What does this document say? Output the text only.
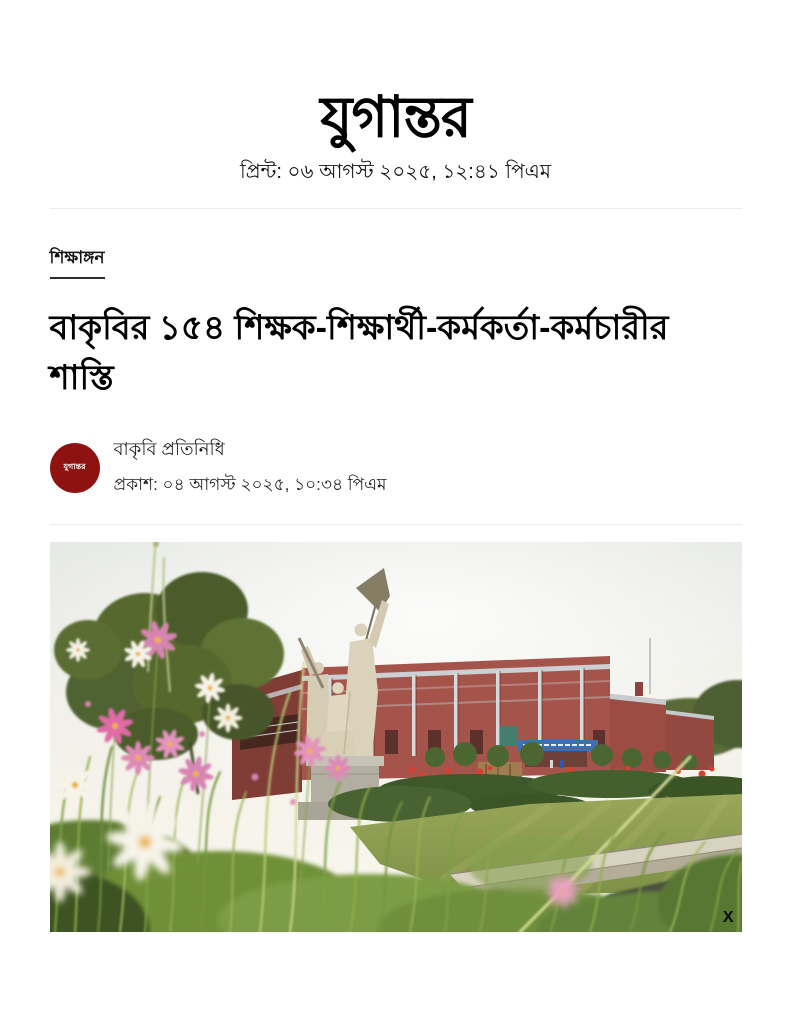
যুগান্তর
প্রিন্ট: ০৬ আগস্ট ২০২৫, ১২:৪১ পিএম
শিক্ষাঙ্গন
বাকৃবির ১৫৪ শিক্ষক-শিক্ষার্থী-কর্মকর্তা-কর্মচারীর শাস্তি
যুগান্তর
বাকৃবি প্রতিনিধি
প্রকাশ: ০৪ আগস্ট ২০২৫, ১০:৩৪ পিএম
X
